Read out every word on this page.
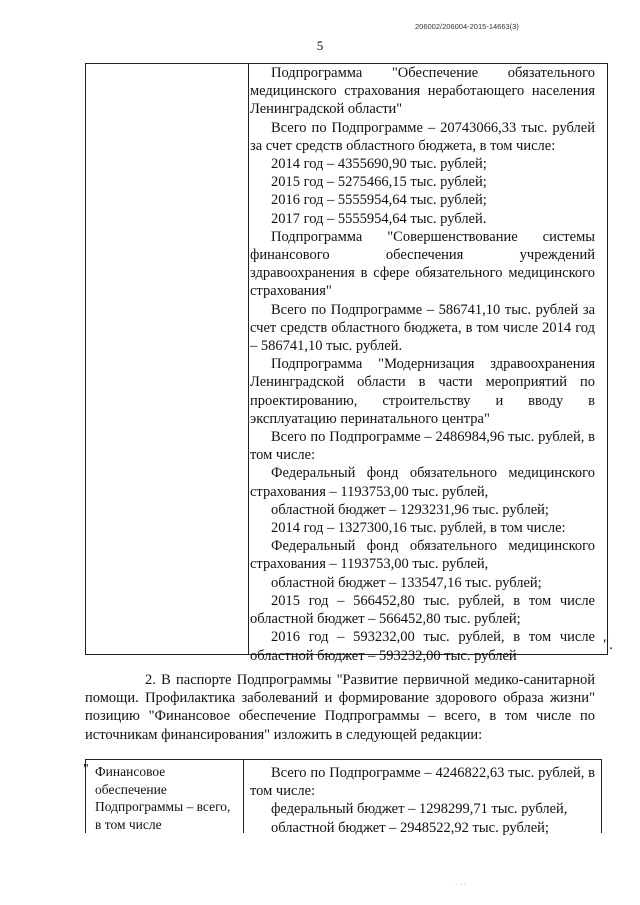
206002/206004-2015-14663(3)
5

Подпрограмма "Обеспечение обязательного медицинского страхования неработающего населения Ленинградской области"

Всего по Подпрограмме – 20743066,33 тыс. рублей за счет средств областного бюджета, в том числе:

2014 год – 4355690,90 тыс. рублей;

2015 год – 5275466,15 тыс. рублей;

2016 год – 5555954,64 тыс. рублей;

2017 год – 5555954,64 тыс. рублей.

Подпрограмма "Совершенствование системы финансового обеспечения учреждений здравоохранения в сфере обязательного медицинского страхования"

Всего по Подпрограмме – 586741,10 тыс. рублей за счет средств областного бюджета, в том числе 2014 год – 586741,10 тыс. рублей.

Подпрограмма "Модернизация здравоохранения Ленинградской области в части мероприятий по проектированию, строительству и вводу в эксплуатацию перинатального центра"

Всего по Подпрограмме – 2486984,96 тыс. рублей, в том числе:

Федеральный фонд обязательного медицинского страхования – 1193753,00 тыс. рублей,

областной бюджет – 1293231,96 тыс. рублей;

2014 год – 1327300,16 тыс. рублей, в том числе:

Федеральный фонд обязательного медицинского страхования – 1193753,00 тыс. рублей,

областной бюджет – 133547,16 тыс. рублей;

2015 год – 566452,80 тыс. рублей, в том числе областной бюджет – 566452,80 тыс. рублей;

2016 год – 593232,00 тыс. рублей, в том числе областной бюджет – 593232,00 тыс. рублей

".

2. В паспорте Подпрограммы "Развитие первичной медико-санитарной помощи. Профилактика заболеваний и формирование здорового образа жизни" позицию "Финансовое обеспечение Подпрограммы – всего, в том числе по источникам финансирования" изложить в следующей редакции:

" Финансовое обеспечение Подпрограммы – всего, в том числе

Всего по Подпрограмме – 4246822,63 тыс. рублей, в том числе:

федеральный бюджет – 1298299,71 тыс. рублей,

областной бюджет – 2948522,92 тыс. рублей;

...
